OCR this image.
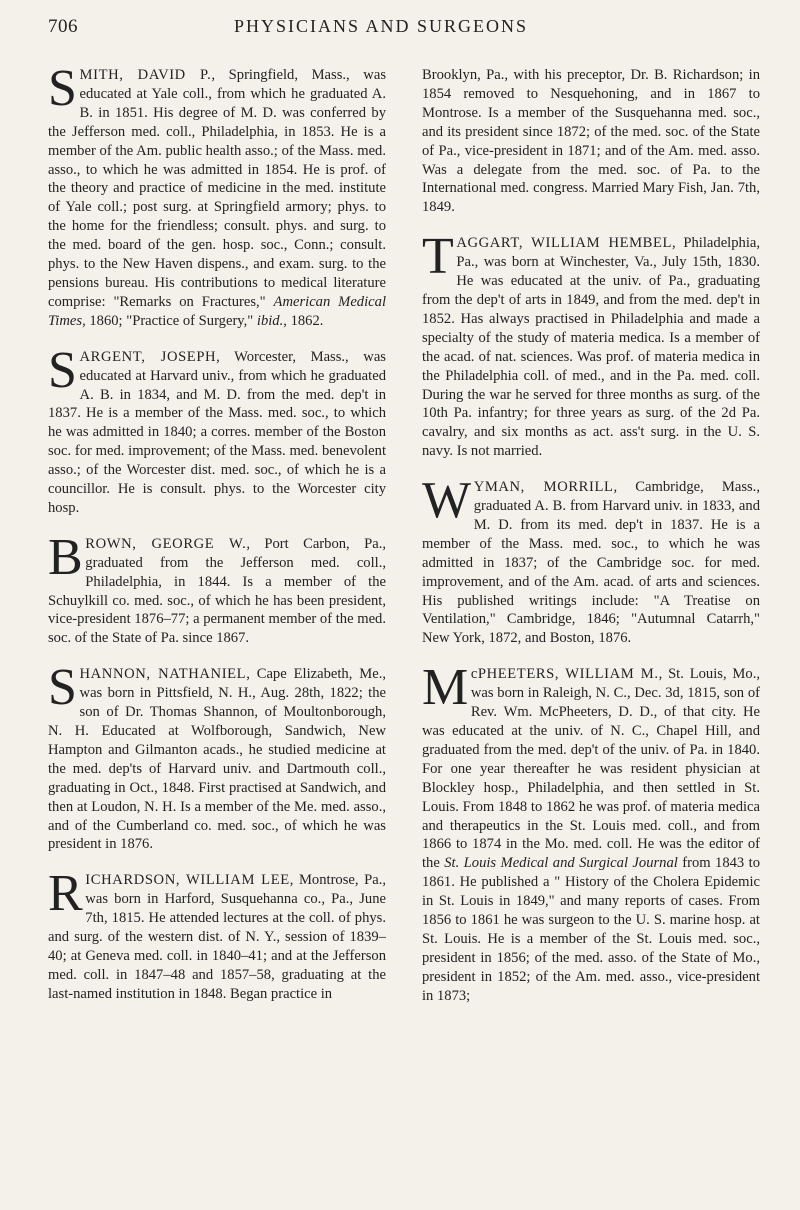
706	PHYSICIANS AND SURGEONS

SMITH, DAVID P., Springfield, Mass., was educated at Yale coll., from which he graduated A. B. in 1851. His degree of M. D. was conferred by the Jefferson med. coll., Philadelphia, in 1853. He is a member of the Am. public health asso.; of the Mass. med. asso., to which he was admitted in 1854. He is prof. of the theory and practice of medicine in the med. institute of Yale coll.; post surg. at Springfield armory; phys. to the home for the friendless; consult. phys. and surg. to the med. board of the gen. hosp. soc., Conn.; consult. phys. to the New Haven dispens., and exam. surg. to the pensions bureau. His contributions to medical literature comprise: "Remarks on Fractures," American Medical Times, 1860; "Practice of Surgery," ibid., 1862.

SARGENT, JOSEPH, Worcester, Mass., was educated at Harvard univ., from which he graduated A. B. in 1834, and M. D. from the med. dep't in 1837. He is a member of the Mass. med. soc., to which he was admitted in 1840; a corres. member of the Boston soc. for med. improvement; of the Mass. med. benevolent asso.; of the Worcester dist. med. soc., of which he is a councillor. He is consult. phys. to the Worcester city hosp.

BROWN, GEORGE W., Port Carbon, Pa., graduated from the Jefferson med. coll., Philadelphia, in 1844. Is a member of the Schuylkill co. med. soc., of which he has been president, vice-president 1876–77; a permanent member of the med. soc. of the State of Pa. since 1867.

SHANNON, NATHANIEL, Cape Elizabeth, Me., was born in Pittsfield, N. H., Aug. 28th, 1822; the son of Dr. Thomas Shannon, of Moultonborough, N. H. Educated at Wolfborough, Sandwich, New Hampton and Gilmanton acads., he studied medicine at the med. dep'ts of Harvard univ. and Dartmouth coll., graduating in Oct., 1848. First practised at Sandwich, and then at Loudon, N. H. Is a member of the Me. med. asso., and of the Cumberland co. med. soc., of which he was president in 1876.

RICHARDSON, WILLIAM LEE, Montrose, Pa., was born in Harford, Susquehanna co., Pa., June 7th, 1815. He attended lectures at the coll. of phys. and surg. of the western dist. of N. Y., session of 1839–40; at Geneva med. coll. in 1840–41; and at the Jefferson med. coll. in 1847–48 and 1857–58, graduating at the last-named institution in 1848. Began practice in

Brooklyn, Pa., with his preceptor, Dr. B. Richardson; in 1854 removed to Nesquehoning, and in 1867 to Montrose. Is a member of the Susquehanna med. soc., and its president since 1872; of the med. soc. of the State of Pa., vice-president in 1871; and of the Am. med. asso. Was a delegate from the med. soc. of Pa. to the International med. congress. Married Mary Fish, Jan. 7th, 1849.

TAGGART, WILLIAM HEMBEL, Philadelphia, Pa., was born at Winchester, Va., July 15th, 1830. He was educated at the univ. of Pa., graduating from the dep't of arts in 1849, and from the med. dep't in 1852. Has always practised in Philadelphia and made a specialty of the study of materia medica. Is a member of the acad. of nat. sciences. Was prof. of materia medica in the Philadelphia coll. of med., and in the Pa. med. coll. During the war he served for three months as surg. of the 10th Pa. infantry; for three years as surg. of the 2d Pa. cavalry, and six months as act. ass't surg. in the U. S. navy. Is not married.

WYMAN, MORRILL, Cambridge, Mass., graduated A. B. from Harvard univ. in 1833, and M. D. from its med. dep't in 1837. He is a member of the Mass. med. soc., to which he was admitted in 1837; of the Cambridge soc. for med. improvement, and of the Am. acad. of arts and sciences. His published writings include: "A Treatise on Ventilation," Cambridge, 1846; "Autumnal Catarrh," New York, 1872, and Boston, 1876.

McPHEETERS, WILLIAM M., St. Louis, Mo., was born in Raleigh, N. C., Dec. 3d, 1815, son of Rev. Wm. McPheeters, D. D., of that city. He was educated at the univ. of N. C., Chapel Hill, and graduated from the med. dep't of the univ. of Pa. in 1840. For one year thereafter he was resident physician at Blockley hosp., Philadelphia, and then settled in St. Louis. From 1848 to 1862 he was prof. of materia medica and therapeutics in the St. Louis med. coll., and from 1866 to 1874 in the Mo. med. coll. He was the editor of the St. Louis Medical and Surgical Journal from 1843 to 1861. He published a " History of the Cholera Epidemic in St. Louis in 1849," and many reports of cases. From 1856 to 1861 he was surgeon to the U. S. marine hosp. at St. Louis. He is a member of the St. Louis med. soc., president in 1856; of the med. asso. of the State of Mo., president in 1852; of the Am. med. asso., vice-president in 1873;
